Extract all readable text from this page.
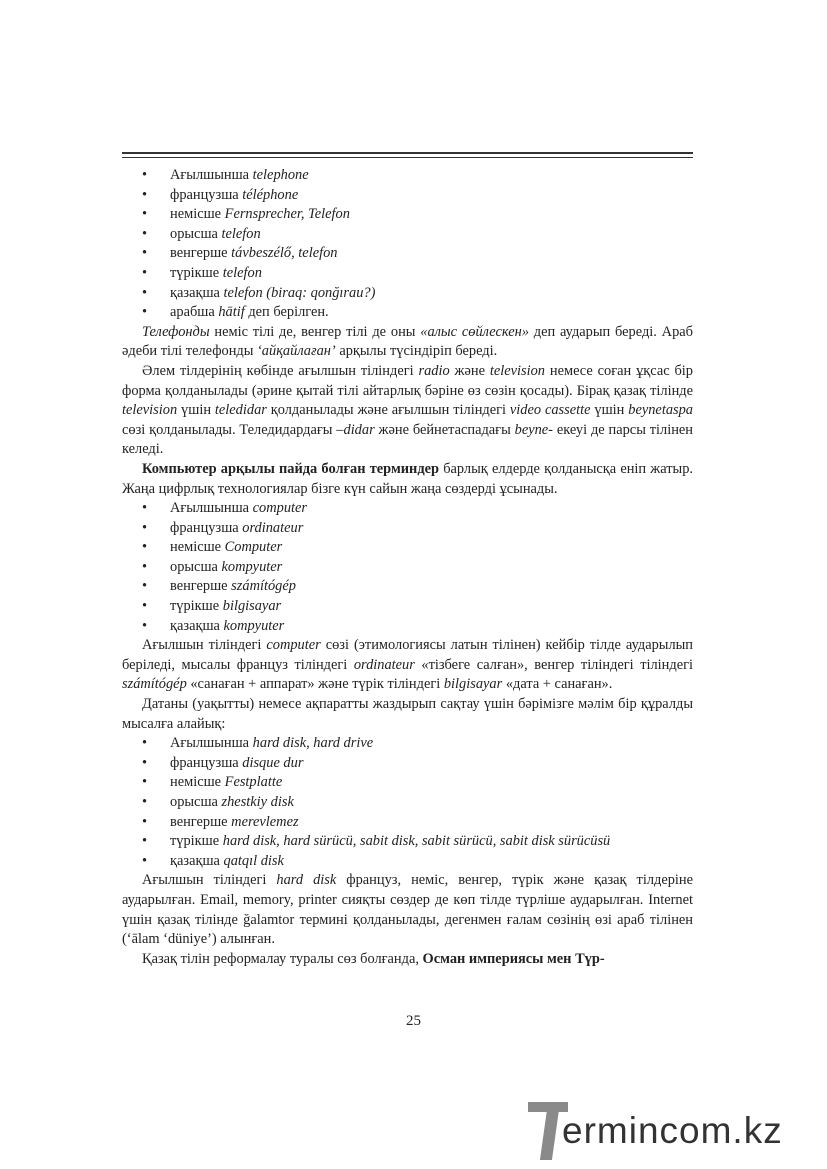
• Ағылшынша telephone
• французша téléphone
• немісше Fernsprecher, Telefon
• орысша telefon
• венгерше távbeszélő, telefon
• түрікше telefon
• қазақша telefon (biraq: qonğırau?)
• арабша hātif деп берілген.

Телефонды неміс тілі де, венгер тілі де оны «алыс сөйлескен» деп аударып береді. Араб әдеби тілі телефонды ‘айқайлаған’ арқылы түсіндіріп береді.

Әлем тілдерінің көбінде ағылшын тіліндегі radio және television немесе соған ұқсас бір форма қолданылады (әрине қытай тілі айтарлық бәріне өз сөзін қосады). Бірақ қазақ тілінде television үшін teledidar қолданылады және ағылшын тіліндегі video cassette үшін beynetaspa сөзі қолданылады. Теледидардағы –didar және бейнетаспадағы beyne- екеуі де парсы тілінен келеді.

Компьютер арқылы пайда болған терминдер барлық елдерде қолданысқа еніп жатыр. Жаңа цифрлық технологиялар бізге күн сайын жаңа сөздерді ұсынады.

• Ағылшынша computer
• французша ordinateur
• немісше Computer
• орысша kompyuter
• венгерше számítógép
• түрікше bilgisayar
• қазақша kompyuter

Ағылшын тіліндегі computer сөзі (этимологиясы латын тілінен) кейбір тілде аударылып беріледі, мысалы француз тіліндегі ordinateur «тізбеге салған», венгер тіліндегі тіліндегі számítógép «санаған + аппарат» және түрік тіліндегі bilgisayar «дата + санаған».

Датаны (уақытты) немесе ақпаратты жаздырып сақтау үшін бәрімізге мәлім бір құралды мысалға алайық:

• Ағылшынша hard disk, hard drive
• французша disque dur
• немісше Festplatte
• орысша zhestkiy disk
• венгерше merevlemez
• түрікше hard disk, hard sürücü, sabit disk, sabit sürücü, sabit disk sürücüsü
• қазақша qatqıl disk

Ағылшын тіліндегі hard disk француз, неміс, венгер, түрік және қазақ тілдеріне аударылған. Email, memory, printer сияқты сөздер де көп тілде түрліше аударылған. Internet үшін қазақ тілінде ğalamtor термині қолданылады, дегенмен ғалам сөзінің өзі араб тілінен (‘ālam ‘düniye’) алынған.

Қазақ тілін реформалау туралы сөз болғанда, Осман империясы мен Түр-

25
ermincom.kz
